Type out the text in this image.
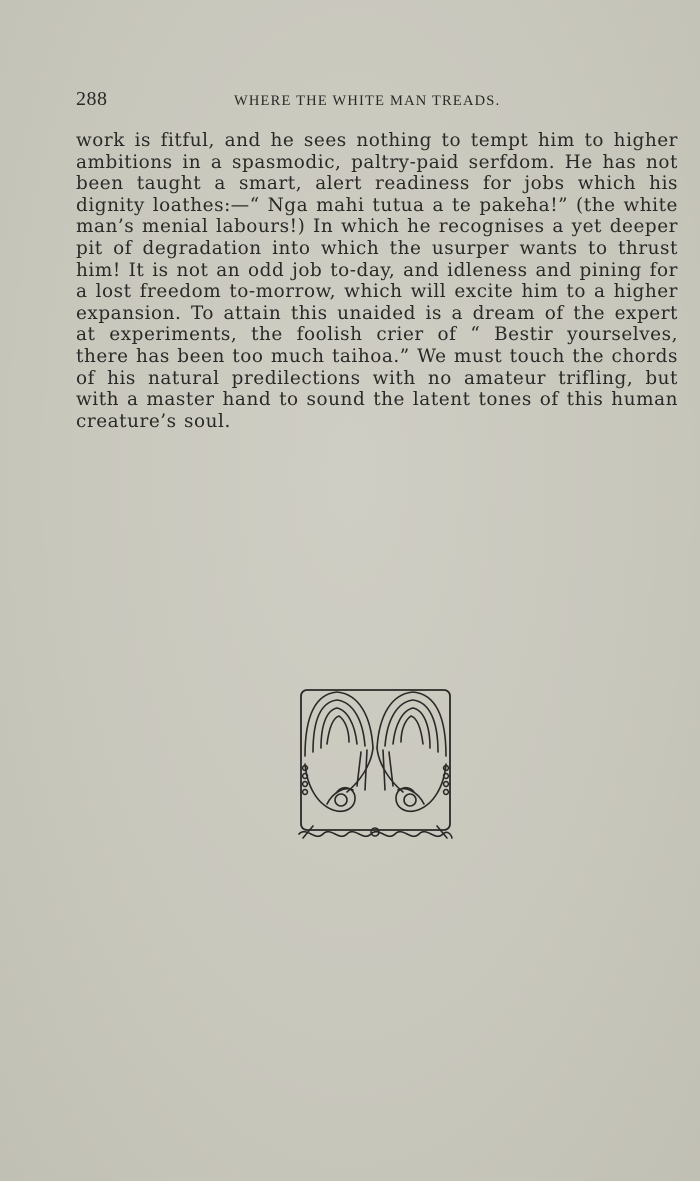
288	WHERE THE WHITE MAN TREADS.

work is fitful, and he sees nothing to tempt him to higher ambitions in a spasmodic, paltry-paid serfdom. He has not been taught a smart, alert readiness for jobs which his dignity loathes:—“ Nga mahi tutua a te pakeha!” (the white man’s menial labours!) In which he recognises a yet deeper pit of degradation into which the usurper wants to thrust him! It is not an odd job to-day, and idleness and pining for a lost freedom to-morrow, which will excite him to a higher expansion. To attain this unaided is a dream of the expert at experiments, the foolish crier of “ Bestir yourselves, there has been too much taihoa.” We must touch the chords of his natural predilections with no amateur trifling, but with a master hand to sound the latent tones of this human creature’s soul.
